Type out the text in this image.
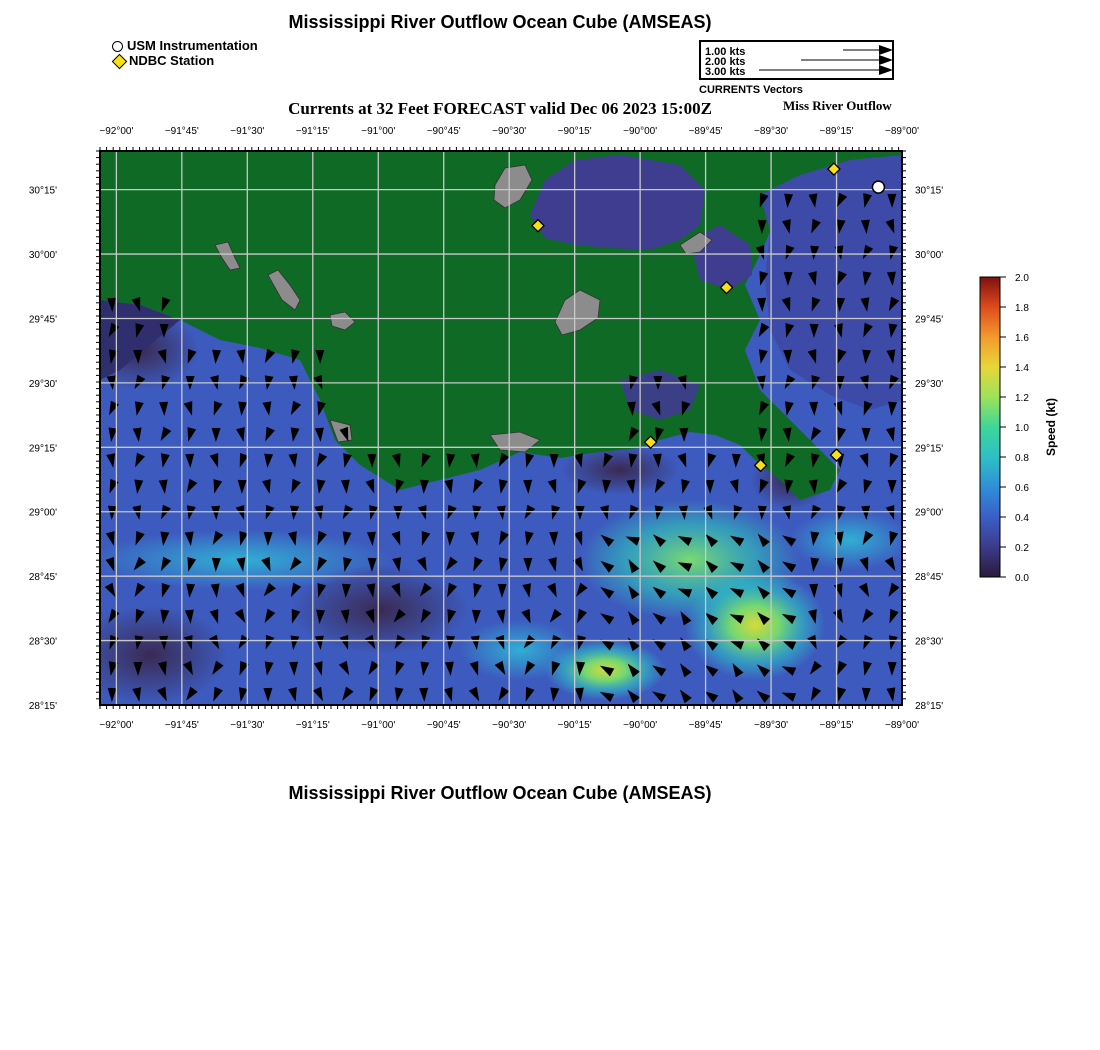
Mississippi River Outflow Ocean Cube (AMSEAS)
USM Instrumentation
NDBC Station
1.00 kts
2.00 kts
3.00 kts
CURRENTS Vectors
Currents at 32 Feet FORECAST valid Dec 06 2023 15:00Z	Miss River Outflow
−92°00'	−91°45'	−91°30'	−91°15'	−91°00'	−90°45'	−90°30'	−90°15'	−90°00'	−89°45'	−89°30'	−89°15'	−89°00'
−92°00'	−91°45'	−91°30'	−91°15'	−91°00'	−90°45'	−90°30'	−90°15'	−90°00'	−89°45'	−89°30'	−89°15'	−89°00'
30°15'
30°00'
29°45'
29°30'
29°15'
29°00'
28°45'
28°30'
28°15'
30°15'
30°00'
29°45'
29°30'
29°15'
29°00'
28°45'
28°30'
28°15'
0.0
0.2
0.4
0.6
0.8
1.0
1.2
1.4
1.6
1.8
2.0
Speed (kt)
Mississippi River Outflow Ocean Cube (AMSEAS)
